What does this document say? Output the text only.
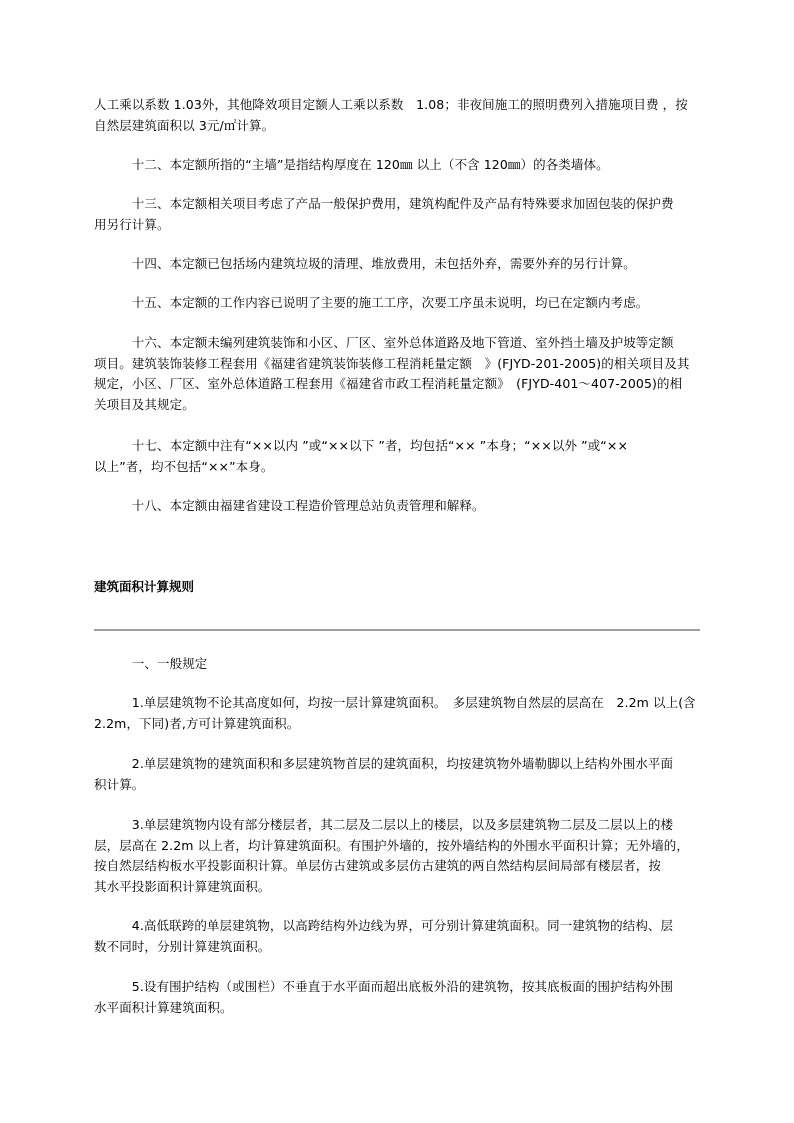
人工乘以系数 1.03外，其他降效项目定额人工乘以系数　1.08；非夜间施工的照明费列入措施项目费 ，按
自然层建筑面积以 3元/㎡计算。
　　　十二、本定额所指的“主墙”是指结构厚度在 120㎜ 以上（不含 120㎜）的各类墙体。
　　　十三、本定额相关项目考虑了产品一般保护费用，建筑构配件及产品有特殊要求加固包装的保护费
用另行计算。
　　　十四、本定额已包括场内建筑垃圾的清理、堆放费用，未包括外弃，需要外弃的另行计算。
　　　十五、本定额的工作内容已说明了主要的施工工序，次要工序虽未说明，均已在定额内考虑。
　　　十六、本定额未编列建筑装饰和小区、厂区、室外总体道路及地下管道、室外挡土墙及护坡等定额
项目。建筑装饰装修工程套用《福建省建筑装饰装修工程消耗量定额　》(FJYD-201-2005)的相关项目及其
规定，小区、厂区、室外总体道路工程套用《福建省市政工程消耗量定额》　(FJYD-401～407-2005)的相
关项目及其规定。
　　　十七、本定额中注有“××以内 ”或“××以下 ”者，均包括“×× ”本身；“××以外 ”或“××
以上”者，均不包括“××”本身。
　　　十八、本定额由福建省建设工程造价管理总站负责管理和解释。
建筑面积计算规则
　　　一、一般规定
　　　1.单层建筑物不论其高度如何，均按一层计算建筑面积。　多层建筑物自然层的层高在　2.2m 以上(含
2.2m，下同)者,方可计算建筑面积。
　　　2.单层建筑物的建筑面积和多层建筑物首层的建筑面积，均按建筑物外墙勒脚以上结构外围水平面
积计算。
　　　3.单层建筑物内设有部分楼层者，其二层及二层以上的楼层，以及多层建筑物二层及二层以上的楼
层，层高在 2.2m 以上者，均计算建筑面积。有围护外墙的，按外墙结构的外围水平面积计算；无外墙的，
按自然层结构板水平投影面积计算。单层仿古建筑或多层仿古建筑的两自然结构层间局部有楼层者，按
其水平投影面积计算建筑面积。
　　　4.高低联跨的单层建筑物，以高跨结构外边线为界，可分别计算建筑面积。同一建筑物的结构、层
数不同时，分别计算建筑面积。
　　　5.设有围护结构（或围栏）不垂直于水平面而超出底板外沿的建筑物，按其底板面的围护结构外围
水平面积计算建筑面积。
